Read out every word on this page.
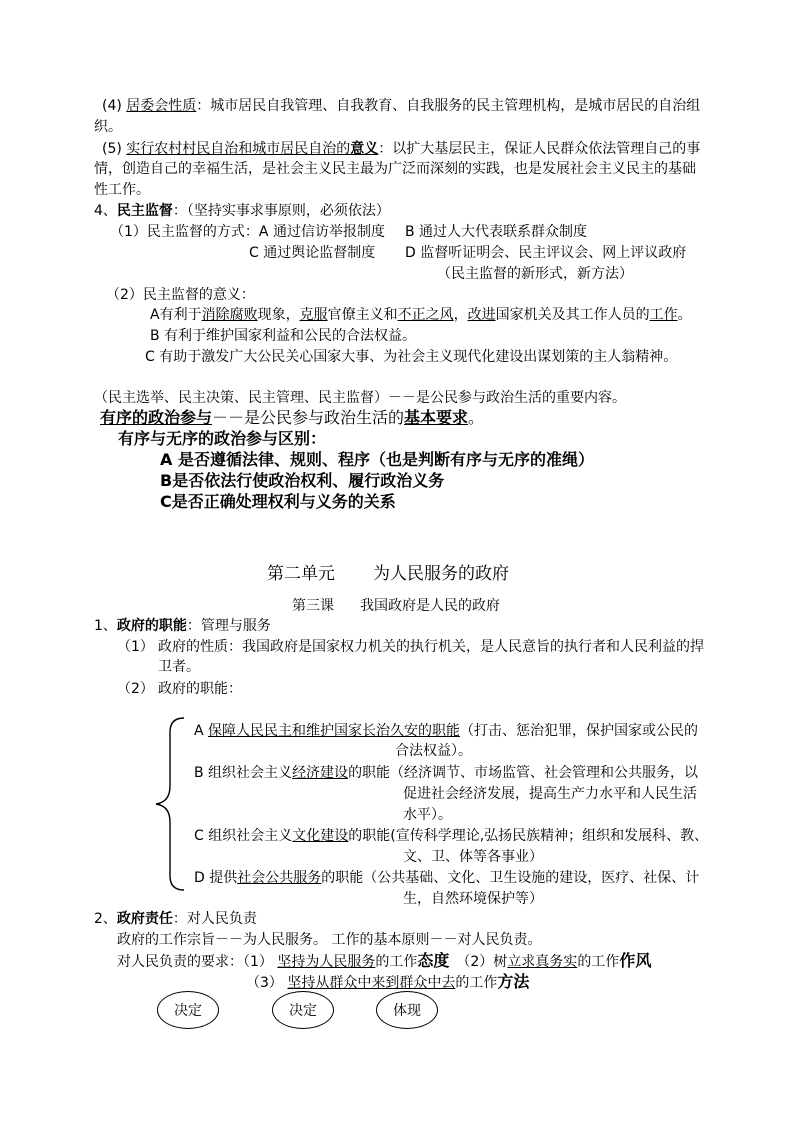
(4) 居委会性质：城市居民自我管理、自我教育、自我服务的民主管理机构，是城市居民的自治组
织。
(5) 实行农村村民自治和城市居民自治的意义：以扩大基层民主，保证人民群众依法管理自己的事
情，创造自己的幸福生活，是社会主义民主最为广泛而深刻的实践，也是发展社会主义民主的基础
性工作。
4、民主监督：（坚持实事求事原则，必须依法）
（1）民主监督的方式：A 通过信访举报制度 B 通过人大代表联系群众制度
C 通过舆论监督制度 D 监督听证明会、民主评议会、网上评议政府
（民主监督的新形式，新方法）
（2）民主监督的意义：
A有利于消除腐败现象，克服官僚主义和不正之风，改进国家机关及其工作人员的工作。
B 有利于维护国家利益和公民的合法权益。
C 有助于激发广大公民关心国家大事、为社会主义现代化建设出谋划策的主人翁精神。
（民主选举、民主决策、民主管理、民主监督）－－是公民参与政治生活的重要内容。
有序的政治参与－－是公民参与政治生活的基本要求。
有序与无序的政治参与区别：
A 是否遵循法律、规则、程序（也是判断有序与无序的准绳）
B是否依法行使政治权利、履行政治义务
C是否正确处理权利与义务的关系
第二单元 为人民服务的政府
第三课 我国政府是人民的政府
1、政府的职能：管理与服务
（1） 政府的性质：我国政府是国家权力机关的执行机关，是人民意旨的执行者和人民利益的捍
卫者。
（2） 政府的职能：
A 保障人民民主和维护国家长治久安的职能（打击、惩治犯罪，保护国家或公民的
合法权益）。
B 组织社会主义经济建设的职能（经济调节、市场监管、社会管理和公共服务，以
促进社会经济发展，提高生产力水平和人民生活
水平）。
C 组织社会主义文化建设的职能(宣传科学理论,弘扬民族精神；组织和发展科、教、
文、卫、体等各事业）
D 提供社会公共服务的职能（公共基础、文化、卫生设施的建设，医疗、社保、计
生，自然环境保护等）
2、政府责任：对人民负责
政府的工作宗旨－－为人民服务。 工作的基本原则－－对人民负责。
对人民负责的要求：（1） 坚持为人民服务的工作态度　 （2）树立求真务实的工作作风
（3） 坚持从群众中来到群众中去的工作方法
决定	决定	体现
